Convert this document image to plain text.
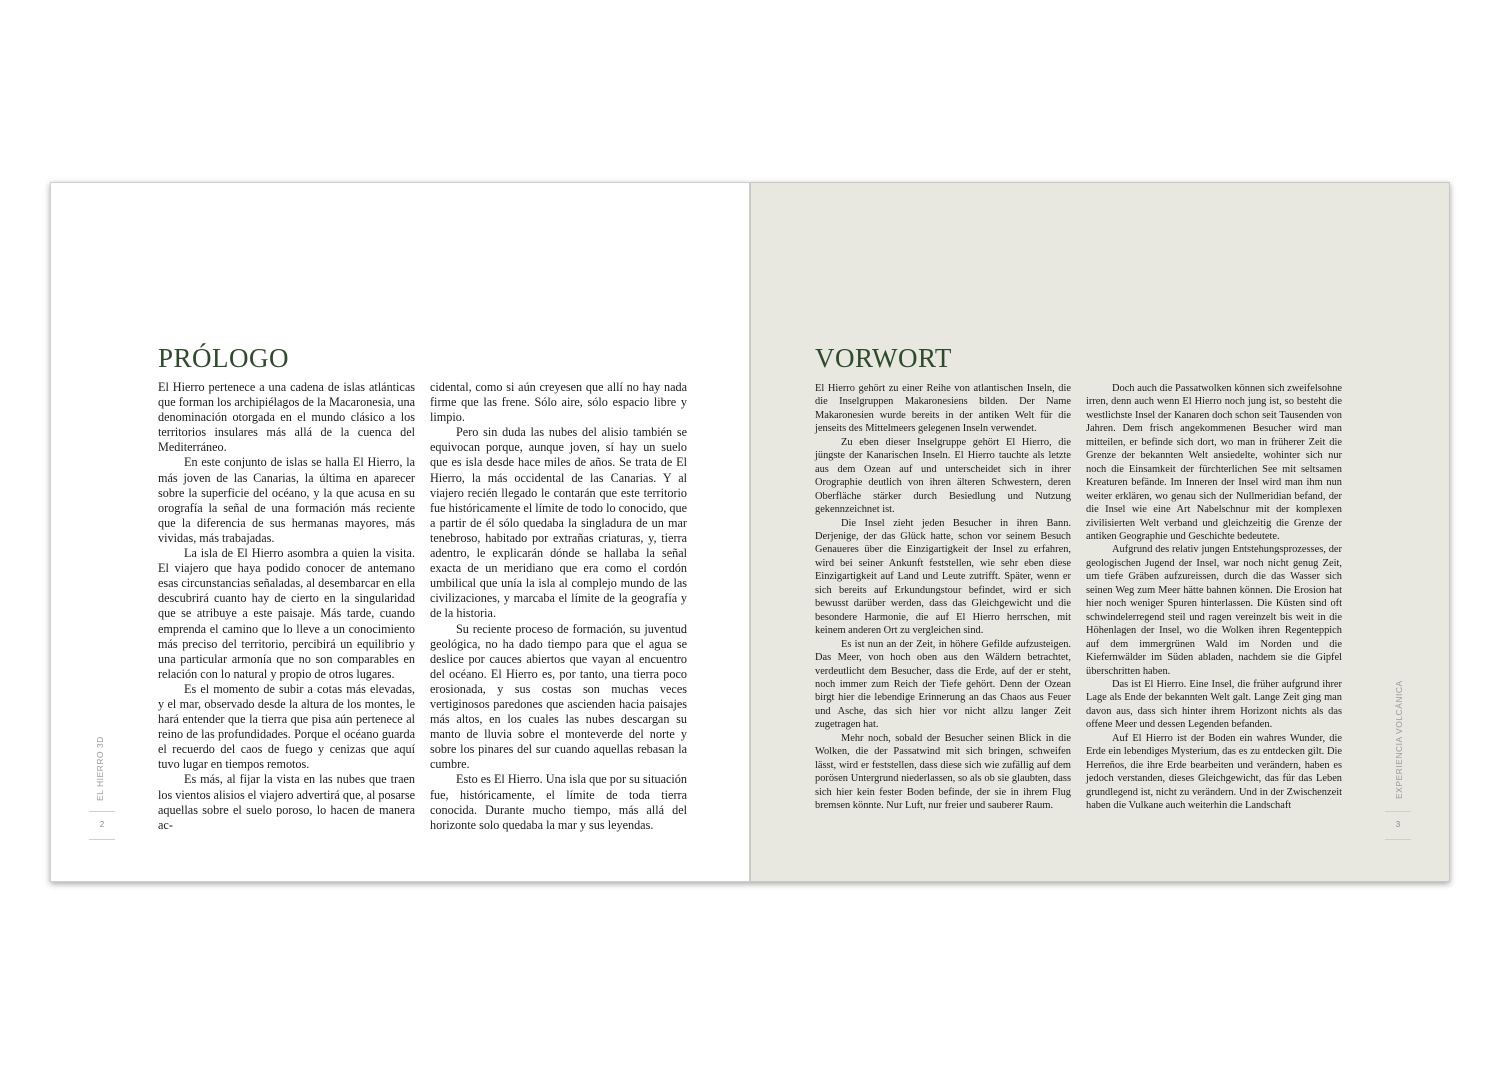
PRÓLOGO

El Hierro pertenece a una cadena de islas atlánticas que forman los archipiélagos de la Macaronesia, una denominación otorgada en el mundo clásico a los territorios insulares más allá de la cuenca del Mediterráneo.

En este conjunto de islas se halla El Hierro, la más joven de las Canarias, la última en aparecer sobre la superficie del océano, y la que acusa en su orografía la señal de una formación más reciente que la diferencia de sus hermanas mayores, más vividas, más trabajadas.

La isla de El Hierro asombra a quien la visita. El viajero que haya podido conocer de antemano esas circunstancias señaladas, al desembarcar en ella descubrirá cuanto hay de cierto en la singularidad que se atribuye a este paisaje. Más tarde, cuando emprenda el camino que lo lleve a un conocimiento más preciso del territorio, percibirá un equilibrio y una particular armonía que no son comparables en relación con lo natural y propio de otros lugares.

Es el momento de subir a cotas más elevadas, y el mar, observado desde la altura de los montes, le hará entender que la tierra que pisa aún pertenece al reino de las profundidades. Porque el océano guarda el recuerdo del caos de fuego y cenizas que aquí tuvo lugar en tiempos remotos.

Es más, al fijar la vista en las nubes que traen los vientos alisios el viajero advertirá que, al posarse aquellas sobre el suelo poroso, lo hacen de manera ac-

cidental, como si aún creyesen que allí no hay nada firme que las frene. Sólo aire, sólo espacio libre y limpio.

Pero sin duda las nubes del alisio también se equivocan porque, aunque joven, sí hay un suelo que es isla desde hace miles de años. Se trata de El Hierro, la más occidental de las Canarias. Y al viajero recién llegado le contarán que este territorio fue históricamente el límite de todo lo conocido, que a partir de él sólo quedaba la singladura de un mar tenebroso, habitado por extrañas criaturas, y, tierra adentro, le explicarán dónde se hallaba la señal exacta de un meridiano que era como el cordón umbilical que unía la isla al complejo mundo de las civilizaciones, y marcaba el límite de la geografía y de la historia.

Su reciente proceso de formación, su juventud geológica, no ha dado tiempo para que el agua se deslice por cauces abiertos que vayan al encuentro del océano. El Hierro es, por tanto, una tierra poco erosionada, y sus costas son muchas veces vertiginosos paredones que ascienden hacia paisajes más altos, en los cuales las nubes descargan su manto de lluvia sobre el monteverde del norte y sobre los pinares del sur cuando aquellas rebasan la cumbre.

Esto es El Hierro. Una isla que por su situación fue, históricamente, el límite de toda tierra conocida. Durante mucho tiempo, más allá del horizonte solo quedaba la mar y sus leyendas.

EL HIERRO 3D
2
VORWORT

El Hierro gehört zu einer Reihe von atlantischen Inseln, die die Inselgruppen Makaronesiens bilden. Der Name Makaronesien wurde bereits in der antiken Welt für die jenseits des Mittelmeers gelegenen Inseln verwendet.

Zu eben dieser Inselgruppe gehört El Hierro, die jüngste der Kanarischen Inseln. El Hierro tauchte als letzte aus dem Ozean auf und unterscheidet sich in ihrer Orographie deutlich von ihren älteren Schwestern, deren Oberfläche stärker durch Besiedlung und Nutzung gekennzeichnet ist.

Die Insel zieht jeden Besucher in ihren Bann. Derjenige, der das Glück hatte, schon vor seinem Besuch Genaueres über die Einzigartigkeit der Insel zu erfahren, wird bei seiner Ankunft feststellen, wie sehr eben diese Einzigartigkeit auf Land und Leute zutrifft. Später, wenn er sich bereits auf Erkundungstour befindet, wird er sich bewusst darüber werden, dass das Gleichgewicht und die besondere Harmonie, die auf El Hierro herrschen, mit keinem anderen Ort zu vergleichen sind.

Es ist nun an der Zeit, in höhere Gefilde aufzusteigen. Das Meer, von hoch oben aus den Wäldern betrachtet, verdeutlicht dem Besucher, dass die Erde, auf der er steht, noch immer zum Reich der Tiefe gehört. Denn der Ozean birgt hier die lebendige Erinnerung an das Chaos aus Feuer und Asche, das sich hier vor nicht allzu langer Zeit zugetragen hat.

Mehr noch, sobald der Besucher seinen Blick in die Wolken, die der Passatwind mit sich bringen, schweifen lässt, wird er feststellen, dass diese sich wie zufällig auf dem porösen Untergrund niederlassen, so als ob sie glaubten, dass sich hier kein fester Boden befinde, der sie in ihrem Flug bremsen könnte. Nur Luft, nur freier und sauberer Raum.

Doch auch die Passatwolken können sich zweifelsohne irren, denn auch wenn El Hierro noch jung ist, so besteht die westlichste Insel der Kanaren doch schon seit Tausenden von Jahren. Dem frisch angekommenen Besucher wird man mitteilen, er befinde sich dort, wo man in früherer Zeit die Grenze der bekannten Welt ansiedelte, wohinter sich nur noch die Einsamkeit der fürchterlichen See mit seltsamen Kreaturen befände. Im Inneren der Insel wird man ihm nun weiter erklären, wo genau sich der Nullmeridian befand, der die Insel wie eine Art Nabelschnur mit der komplexen zivilisierten Welt verband und gleichzeitig die Grenze der antiken Geographie und Geschichte bedeutete.

Aufgrund des relativ jungen Entstehungsprozesses, der geologischen Jugend der Insel, war noch nicht genug Zeit, um tiefe Gräben aufzureissen, durch die das Wasser sich seinen Weg zum Meer hätte bahnen können. Die Erosion hat hier noch weniger Spuren hinterlassen. Die Küsten sind oft schwindelerregend steil und ragen vereinzelt bis weit in die Höhenlagen der Insel, wo die Wolken ihren Regenteppich auf dem immergrünen Wald im Norden und die Kiefernwälder im Süden abladen, nachdem sie die Gipfel überschritten haben.

Das ist El Hierro. Eine Insel, die früher aufgrund ihrer Lage als Ende der bekannten Welt galt. Lange Zeit ging man davon aus, dass sich hinter ihrem Horizont nichts als das offene Meer und dessen Legenden befanden.

Auf El Hierro ist der Boden ein wahres Wunder, die Erde ein lebendiges Mysterium, das es zu entdecken gilt. Die Herreños, die ihre Erde bearbeiten und verändern, haben es jedoch verstanden, dieses Gleichgewicht, das für das Leben grundlegend ist, nicht zu verändern. Und in der Zwischenzeit haben die Vulkane auch weiterhin die Landschaft

EXPERIENCIA VOLCÁNICA
3
